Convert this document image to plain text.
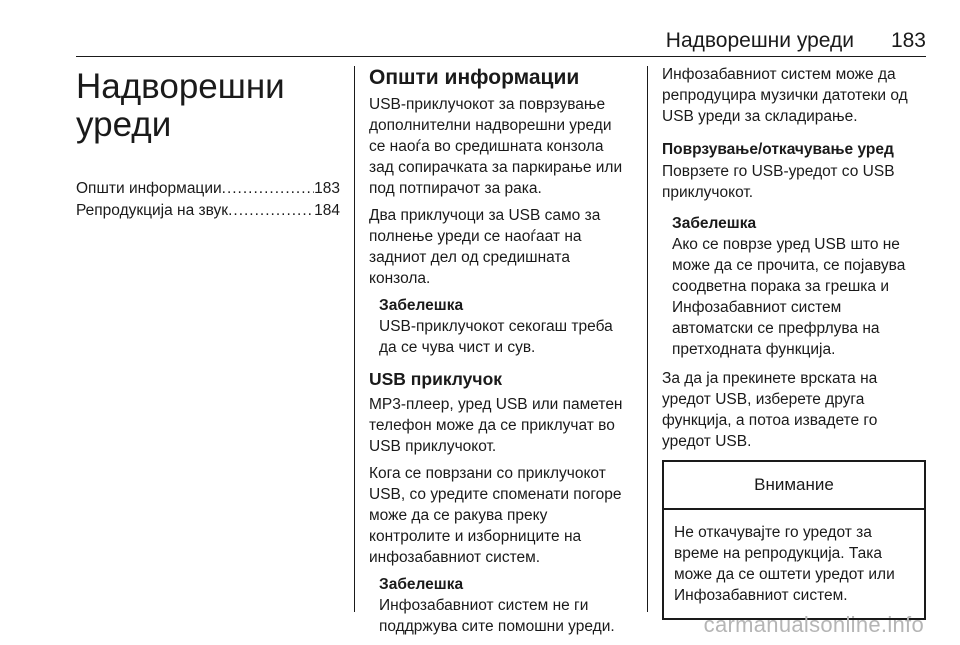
Надворешни уреди 183
Надворешни
уреди
Општи информации .....	183
Репродукција на звук .....	184
Општи информации
USB-приклучокот за поврзување
дополнителни надворешни уреди
се наоѓа во средишната конзола
зад сопирачката за паркирање или
под потпирачот за рака.
Два приклучоци за USB само за
полнење уреди се наоѓаат на
задниот дел од средишната
конзола.
Забелешка
USB-приклучокот секогаш треба
да се чува чист и сув.
USB приклучок
MP3-плеер, уред USB или паметен
телефон може да се приклучат во
USB приклучокот.
Кога се поврзани со приклучокот
USB, со уредите споменати погоре
може да се ракува преку
контролите и изборниците на
инфозабавниот систем.
Забелешка
Инфозабавниот систем не ги
поддржува сите помошни уреди.
Инфозабавниот систем може да
репродуцира музички датотеки од
USB уреди за складирање.
Поврзување/откачување уред
Поврзете го USB-уредот со USB
приклучокот.
Забелешка
Ако се поврзе уред USB што не
може да се прочита, се појавува
соодветна порака за грешка и
Инфозабавниот систем
автоматски се префрлува на
претходната функција.
За да ја прекинете врската на
уредот USB, изберете друга
функција, а потоа извадете го
уредот USB.
Внимание
Не откачувајте го уредот за
време на репродукција. Така
може да се оштети уредот или
Инфозабавниот систем.
carmanualsonline.info
